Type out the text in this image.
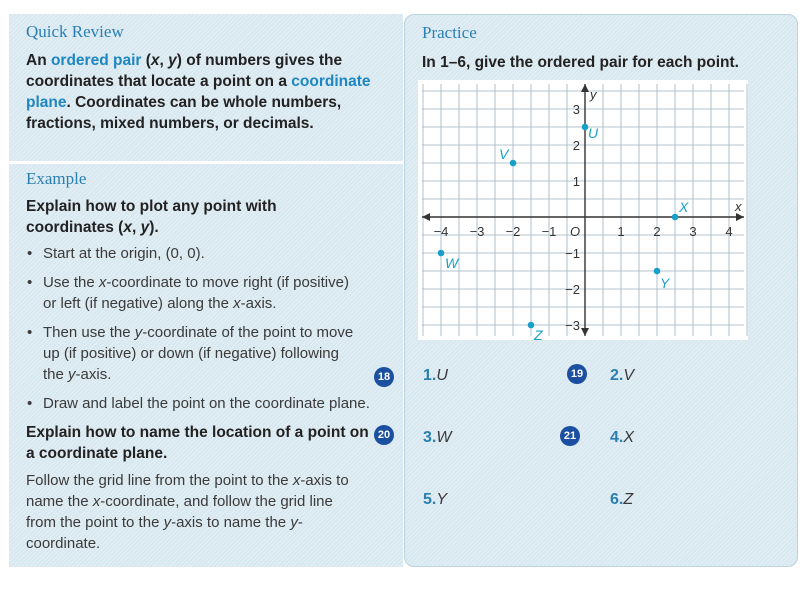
Quick Review
An ordered pair (x, y) of numbers gives the coordinates that locate a point on a coordinate plane. Coordinates can be whole numbers, fractions, mixed numbers, or decimals.
Example
Explain how to plot any point with coordinates (x, y).
• Start at the origin, (0, 0).
• Use the x-coordinate to move right (if positive) or left (if negative) along the x-axis.
• Then use the y-coordinate of the point to move up (if positive) or down (if negative) following the y-axis.
• Draw and label the point on the coordinate plane.
Explain how to name the location of a point on a coordinate plane.
Follow the grid line from the point to the x-axis to name the x-coordinate, and follow the grid line from the point to the y-axis to name the y-coordinate.
18
20
Practice
In 1–6, give the ordered pair for each point.
1.U	2.V
3.W	4.X
5.Y	6.Z
19
21
−4 −3 −2 −1	1 2 3 4
−3
−2
−1
1
2
3
O
x
y
U
V
W
X
Y
Z
